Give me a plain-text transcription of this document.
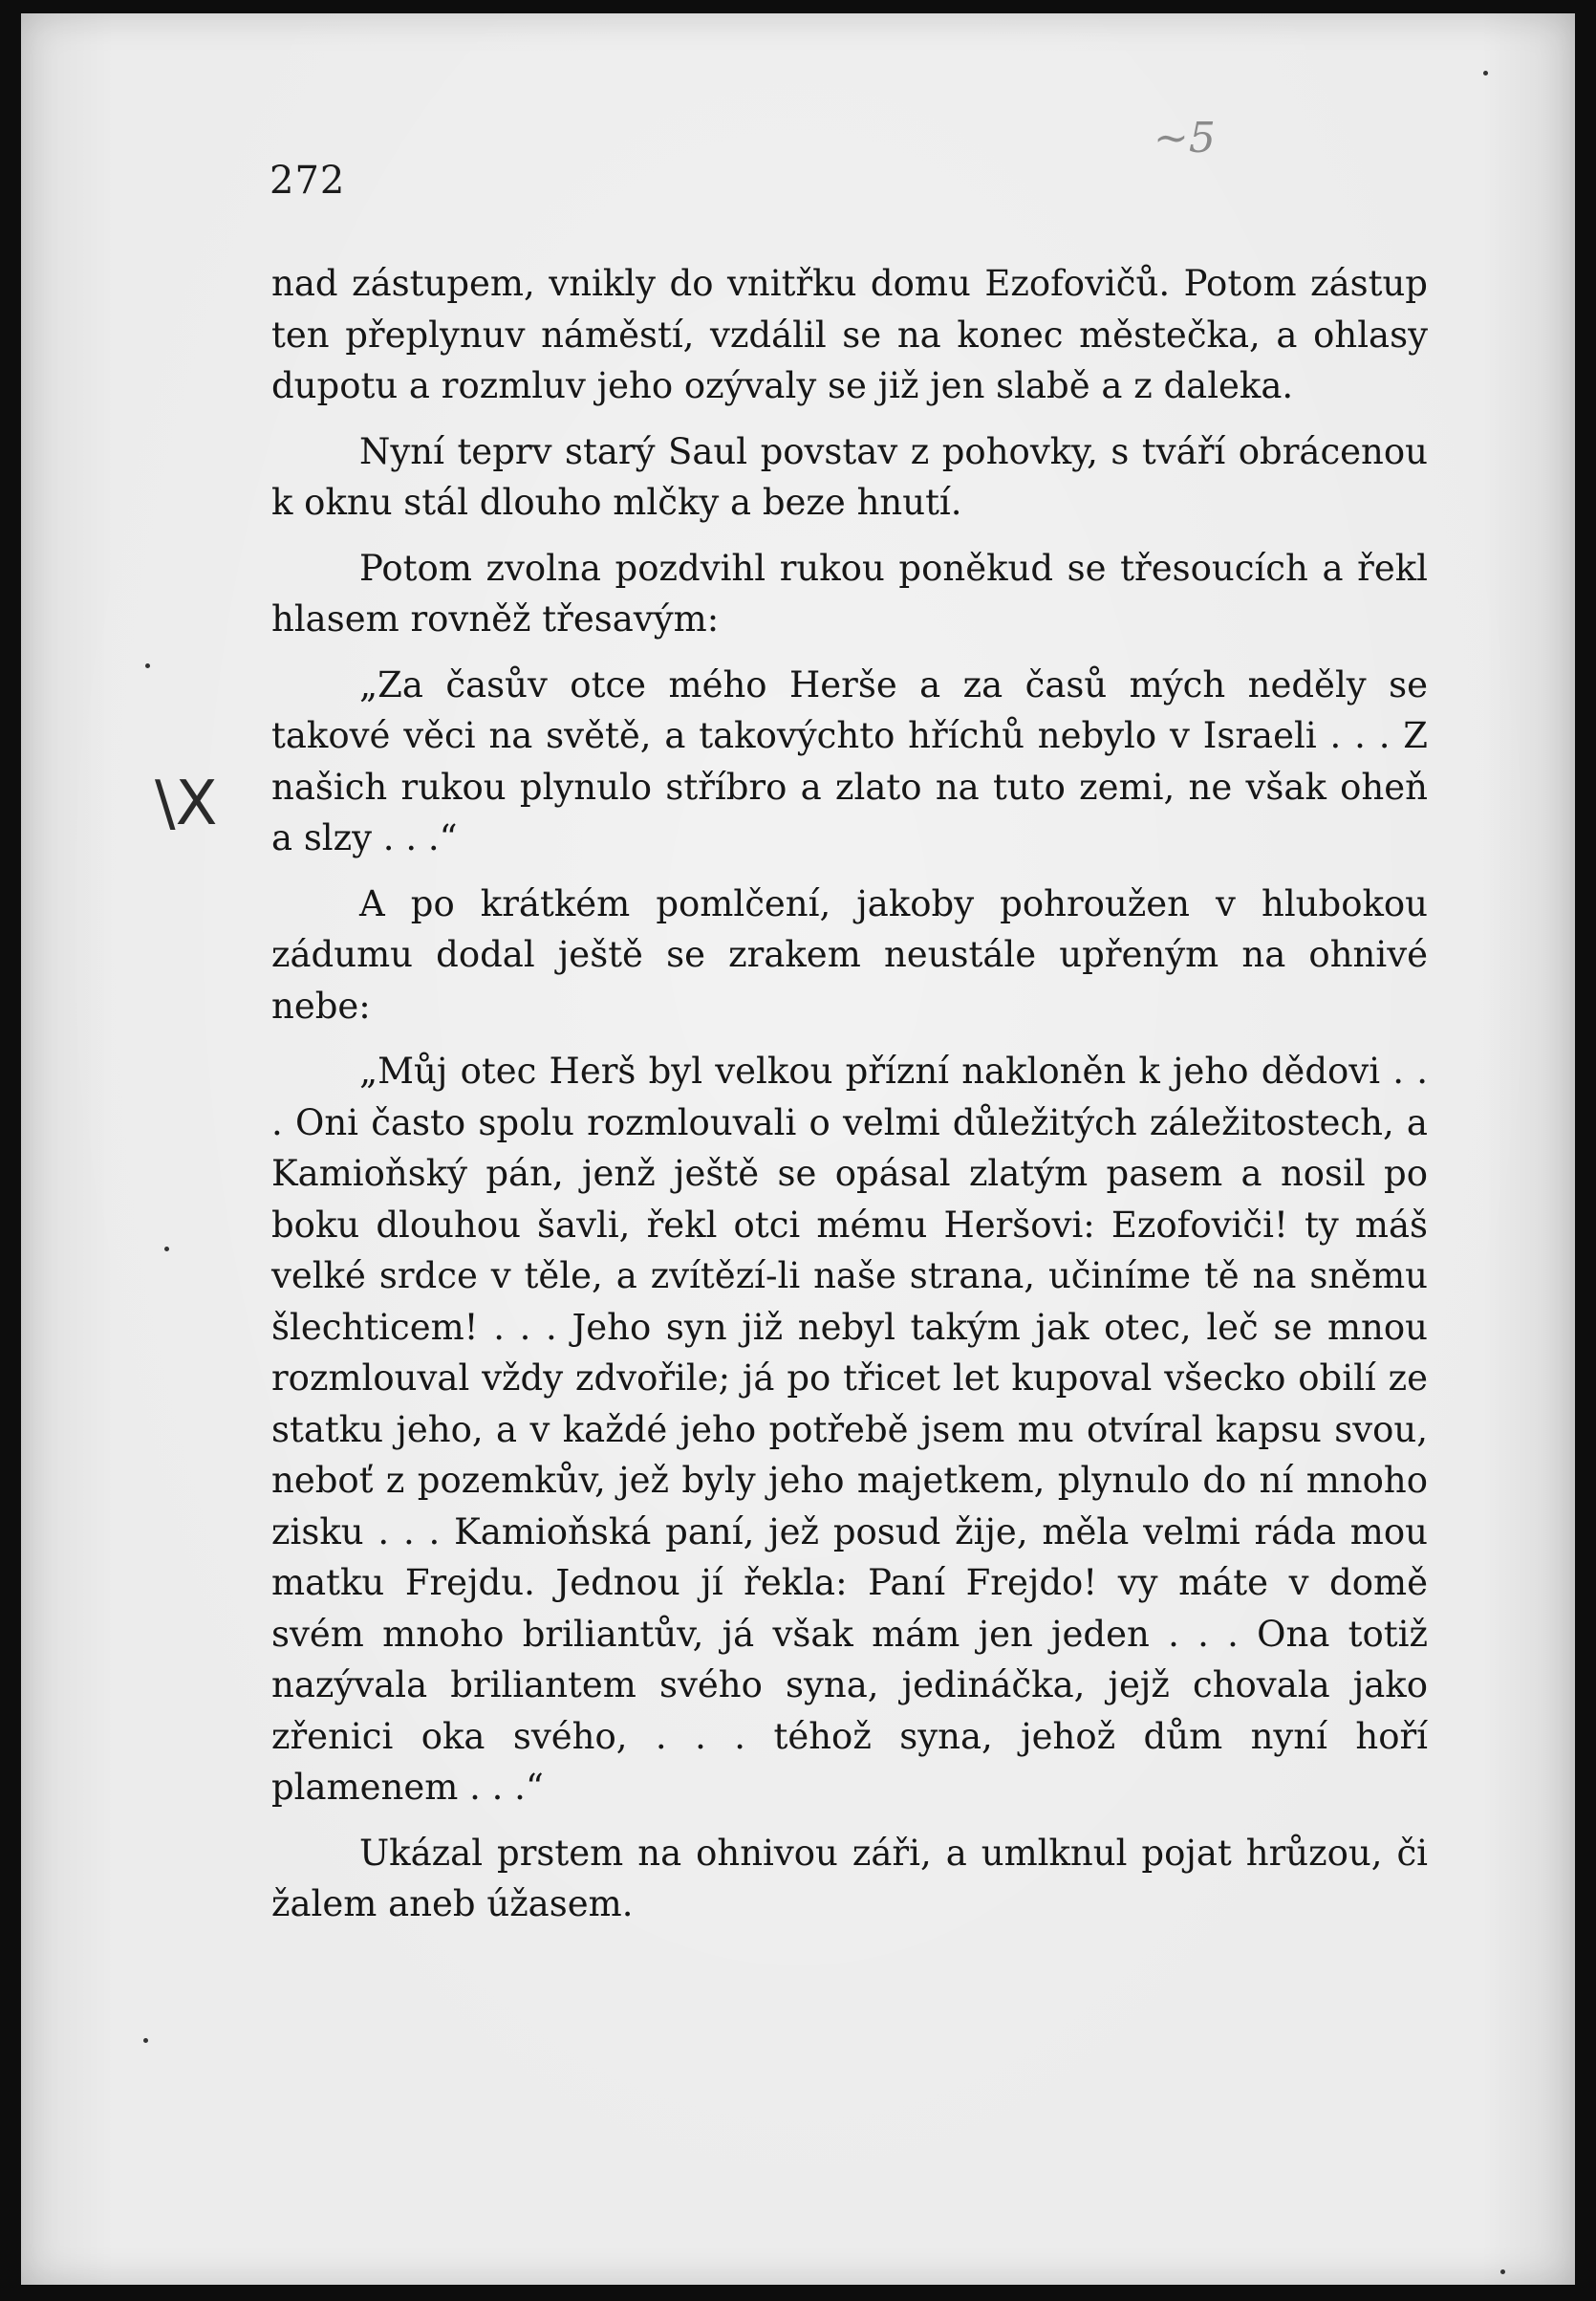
272
~5
\X

nad zástupem, vnikly do vnitřku domu Ezofovičů. Potom zástup ten přeplynuv náměstí, vzdálil se na konec městečka, a ohlasy dupotu a rozmluv jeho ozývaly se již jen slabě a z daleka.

Nyní teprv starý Saul povstav z pohovky, s tváří obrácenou k oknu stál dlouho mlčky a beze hnutí.

Potom zvolna pozdvihl rukou poněkud se třesoucích a řekl hlasem rovněž třesavým:

„Za časův otce mého Herše a za časů mých neděly se takové věci na světě, a takovýchto hříchů nebylo v Israeli . . . Z našich rukou plynulo stříbro a zlato na tuto zemi, ne však oheň a slzy . . .“

A po krátkém pomlčení, jakoby pohroužen v hlubokou zádumu dodal ještě se zrakem neustále upřeným na ohnivé nebe:

„Můj otec Herš byl velkou přízní nakloněn k jeho dědovi . . . Oni často spolu rozmlouvali o velmi důležitých záležitostech, a Kamioňský pán, jenž ještě se opásal zlatým pasem a nosil po boku dlouhou šavli, řekl otci mému Heršovi: Ezofoviči! ty máš velké srdce v těle, a zvítězí-li naše strana, učiníme tě na sněmu šlechticem! . . . Jeho syn již nebyl takým jak otec, leč se mnou rozmlouval vždy zdvořile; já po třicet let kupoval všecko obilí ze statku jeho, a v každé jeho potřebě jsem mu otvíral kapsu svou, neboť z pozemkův, jež byly jeho majetkem, plynulo do ní mnoho zisku . . . Kamioňská paní, jež posud žije, měla velmi ráda mou matku Frejdu. Jednou jí řekla: Paní Frejdo! vy máte v domě svém mnoho briliantův, já však mám jen jeden . . . Ona totiž nazývala briliantem svého syna, jedináčka, jejž chovala jako zřenici oka svého, . . . téhož syna, jehož dům nyní hoří plamenem . . .“

Ukázal prstem na ohnivou záři, a umlknul pojat hrůzou, či žalem aneb úžasem.
